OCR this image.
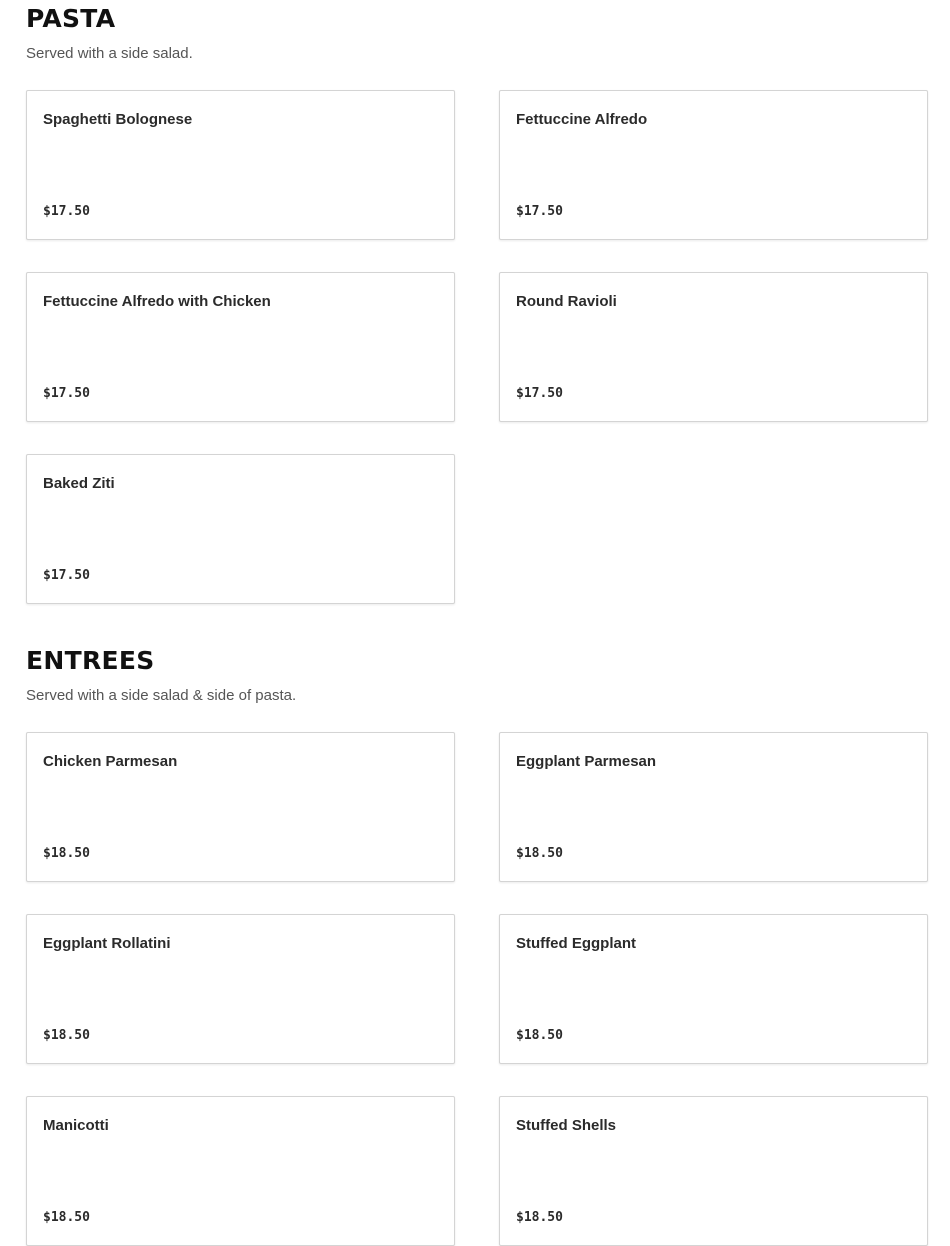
PASTA

Served with a side salad.

Spaghetti Bolognese
$17.50
Fettuccine Alfredo
$17.50
Fettuccine Alfredo with Chicken
$17.50
Round Ravioli
$17.50
Baked Ziti
$17.50
ENTREES

Served with a side salad & side of pasta.

Chicken Parmesan
$18.50
Eggplant Parmesan
$18.50
Eggplant Rollatini
$18.50
Stuffed Eggplant
$18.50
Manicotti
$18.50
Stuffed Shells
$18.50
